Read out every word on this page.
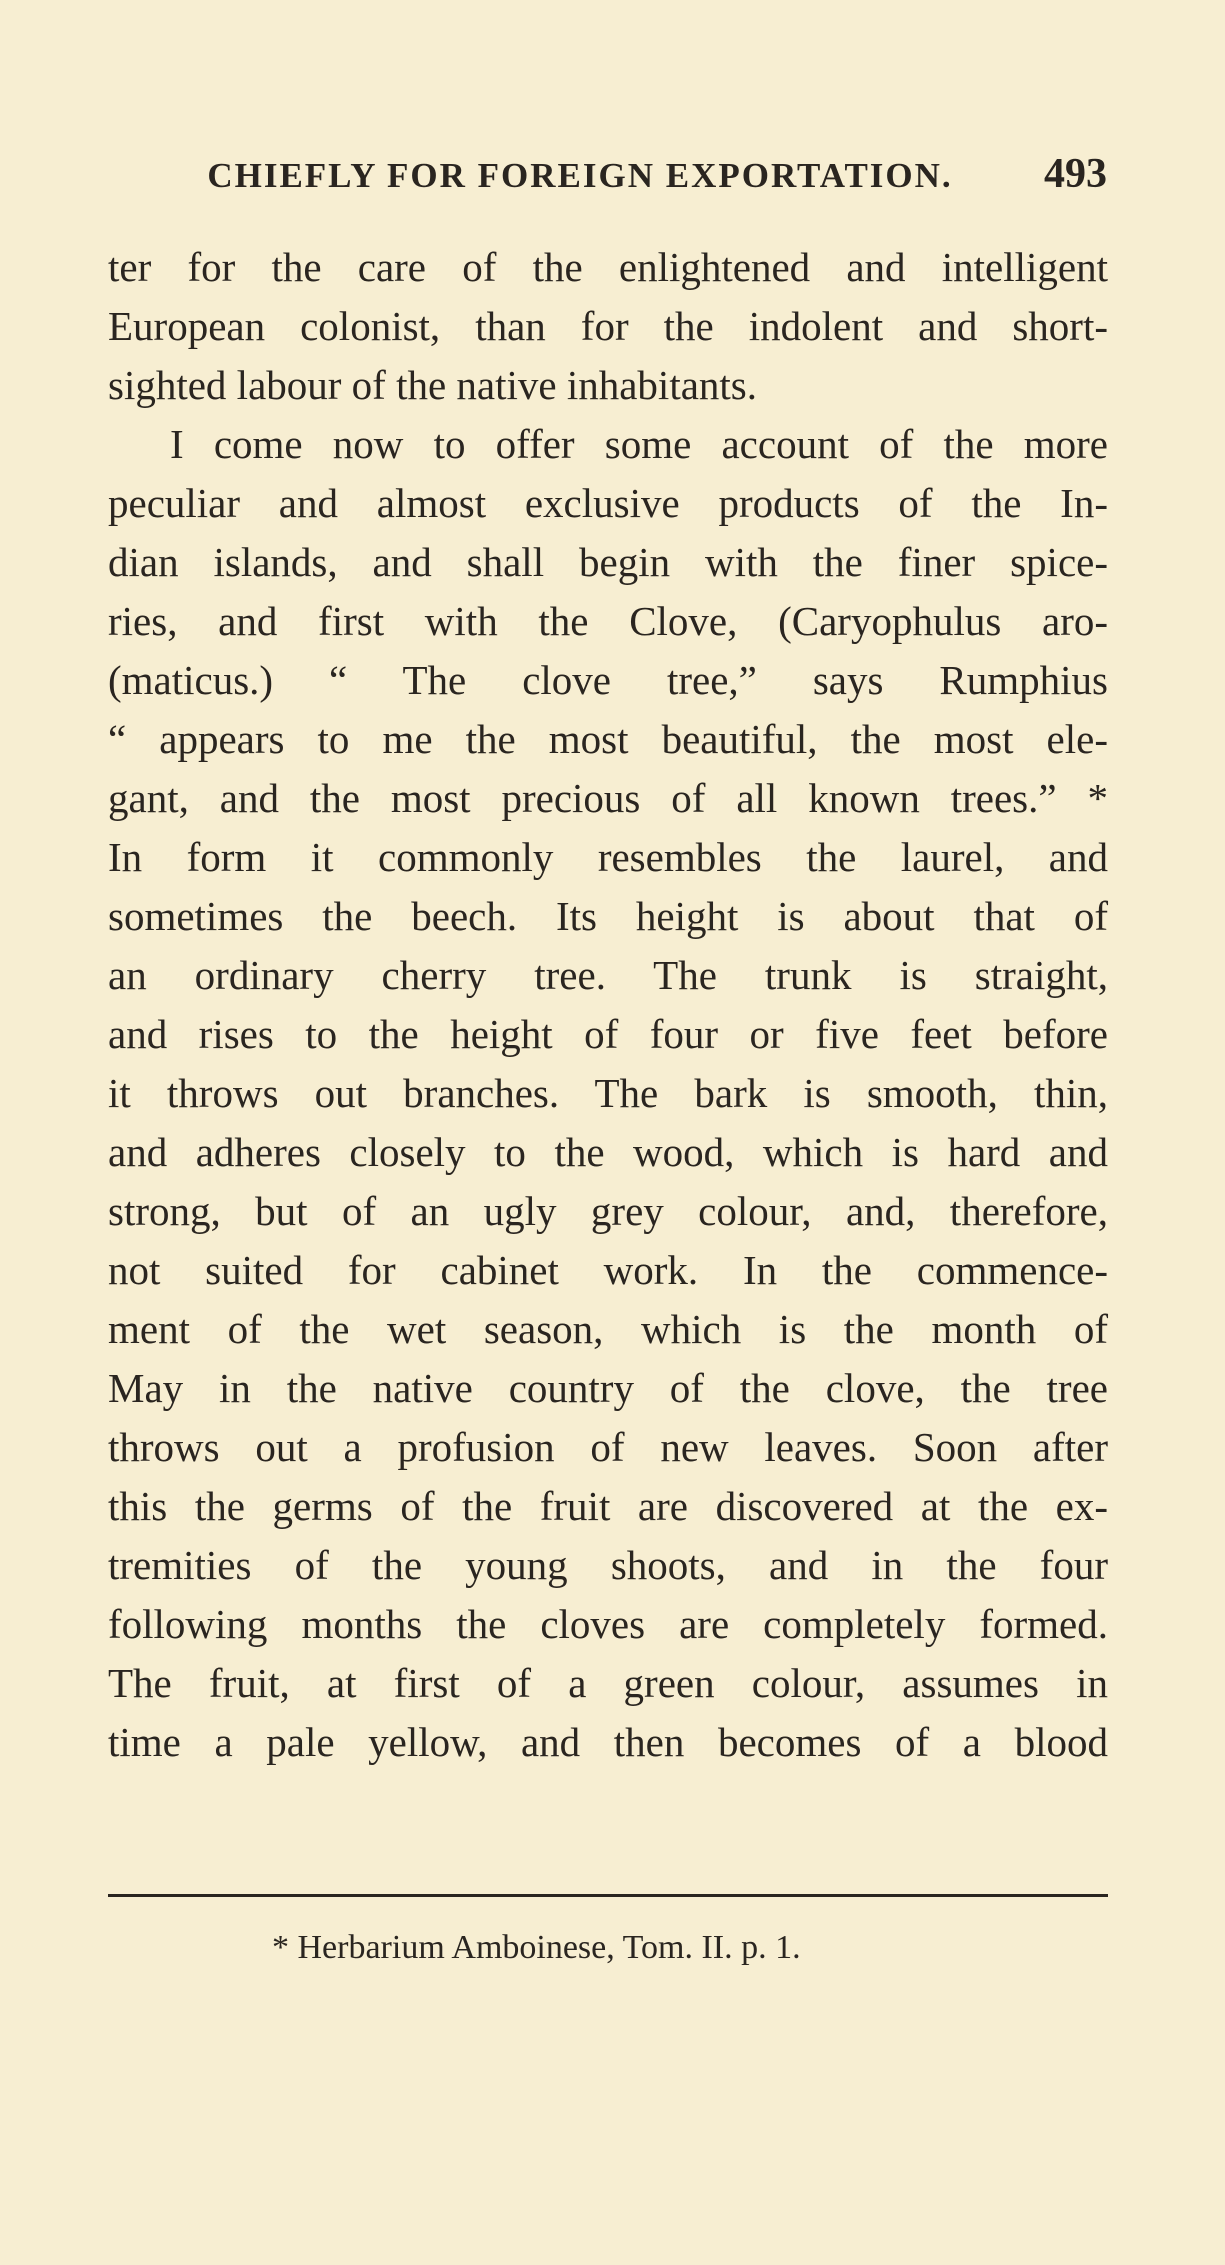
CHIEFLY FOR FOREIGN EXPORTATION.	493
ter for the care of the enlightened and intelligent
European colonist, than for the indolent and short-
sighted labour of the native inhabitants.
I come now to offer some account of the more
peculiar and almost exclusive products of the In-
dian islands, and shall begin with the finer spice-
ries, and first with the Clove, (Caryophulus aro-
(maticus.) “ The clove tree,” says Rumphius
“ appears to me the most beautiful, the most ele-
gant, and the most precious of all known trees.” *
In form it commonly resembles the laurel, and
sometimes the beech. Its height is about that of
an ordinary cherry tree. The trunk is straight,
and rises to the height of four or five feet before
it throws out branches. The bark is smooth, thin,
and adheres closely to the wood, which is hard and
strong, but of an ugly grey colour, and, therefore,
not suited for cabinet work. In the commence-
ment of the wet season, which is the month of
May in the native country of the clove, the tree
throws out a profusion of new leaves. Soon after
this the germs of the fruit are discovered at the ex-
tremities of the young shoots, and in the four
following months the cloves are completely formed.
The fruit, at first of a green colour, assumes in
time a pale yellow, and then becomes of a blood
* Herbarium Amboinese, Tom. II. p. 1.
